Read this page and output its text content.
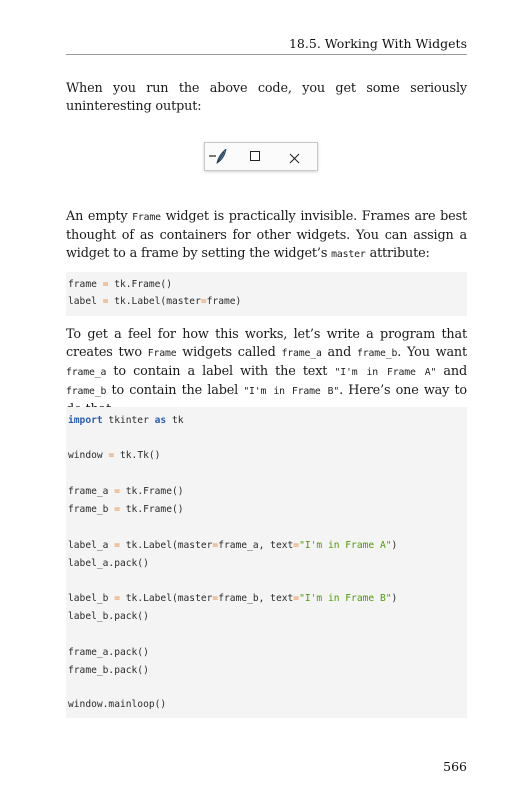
18.5. Working With Widgets

When you run the above code, you get some seriously uninteresting output:

An empty Frame widget is practically invisible. Frames are best thought of as containers for other widgets. You can assign a widget to a frame by setting the widget’s master attribute:

frame = tk.Frame()
label = tk.Label(master=frame)

To get a feel for how this works, let’s write a program that creates two Frame widgets called frame_a and frame_b. You want frame_a to contain a label with the text "I'm in Frame A" and frame_b to contain the label "I'm in Frame B". Here’s one way to

import tkinter as tk
window = tk.Tk()
frame_a = tk.Frame()
frame_b = tk.Frame()
label_a = tk.Label(master=frame_a, text="I'm in Frame A")
label_a.pack()
label_b = tk.Label(master=frame_b, text="I'm in Frame B")
label_b.pack()
frame_a.pack()
frame_b.pack()
window.mainloop()
566
